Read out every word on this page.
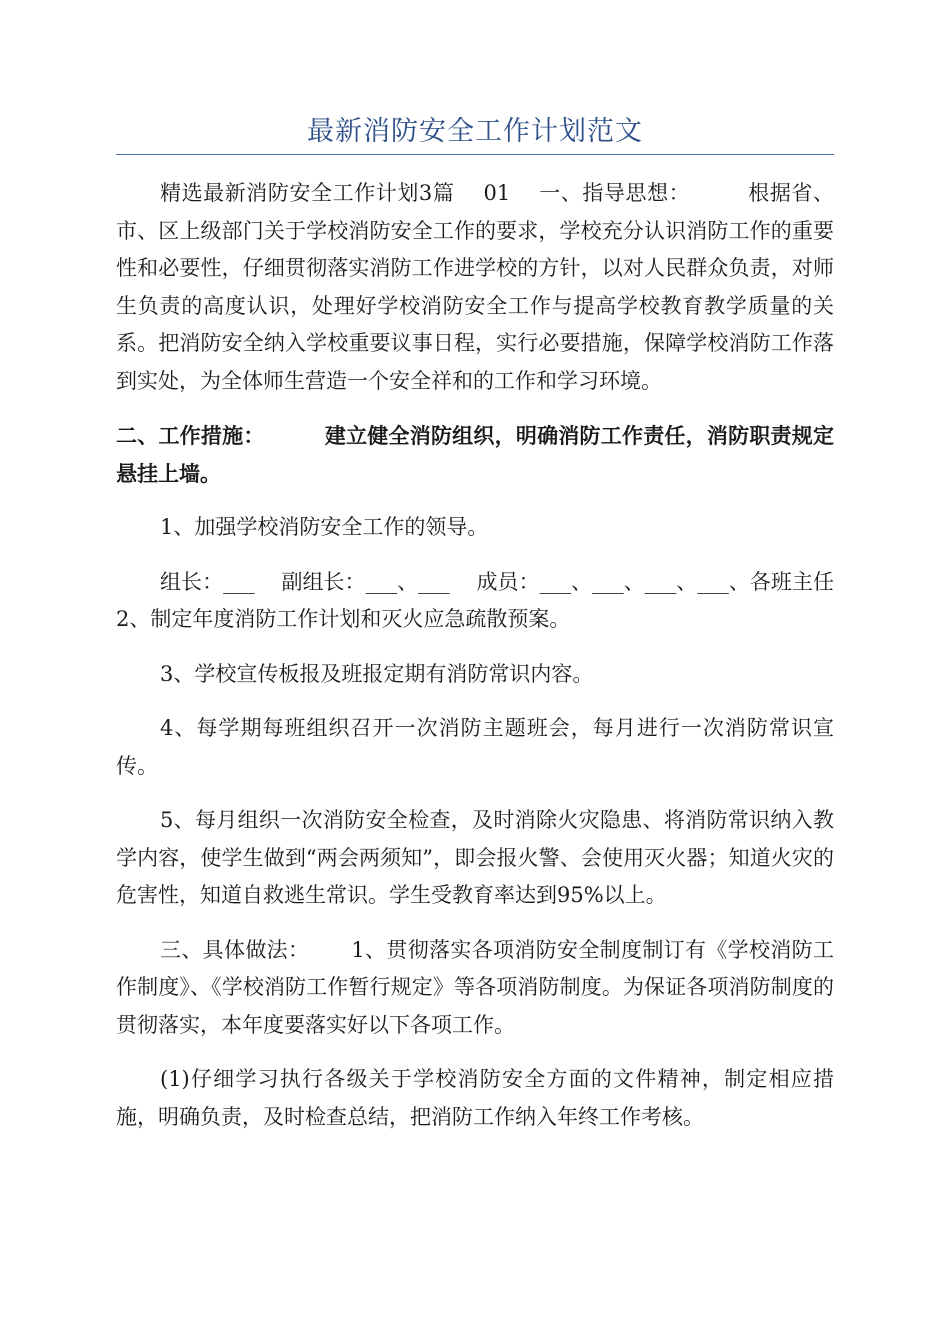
最新消防安全工作计划范文

精选最新消防安全工作计划3篇    01    一、指导思想：        根据省、市、区上级部门关于学校消防安全工作的要求，学校充分认识消防工作的重要性和必要性，仔细贯彻落实消防工作进学校的方针，以对人民群众负责，对师生负责的高度认识，处理好学校消防安全工作与提高学校教育教学质量的关系。把消防安全纳入学校重要议事日程，实行必要措施，保障学校消防工作落到实处，为全体师生营造一个安全祥和的工作和学习环境。

二、工作措施：        建立健全消防组织，明确消防工作责任，消防职责规定悬挂上墙。

1、加强学校消防安全工作的领导。

组长：___    副组长：___、___    成员：___、___、___、___、各班主任   2、制定年度消防工作计划和灭火应急疏散预案。

3、学校宣传板报及班报定期有消防常识内容。

4、每学期每班组织召开一次消防主题班会，每月进行一次消防常识宣传。

5、每月组织一次消防安全检查，及时消除火灾隐患、将消防常识纳入教学内容，使学生做到“两会两须知”，即会报火警、会使用灭火器；知道火灾的危害性，知道自救逃生常识。学生受教育率达到95%以上。

三、具体做法：      1、贯彻落实各项消防安全制度制订有《学校消防工作制度》、《学校消防工作暂行规定》等各项消防制度。为保证各项消防制度的贯彻落实，本年度要落实好以下各项工作。

(1)仔细学习执行各级关于学校消防安全方面的文件精神，制定相应措施，明确负责，及时检查总结，把消防工作纳入年终工作考核。
